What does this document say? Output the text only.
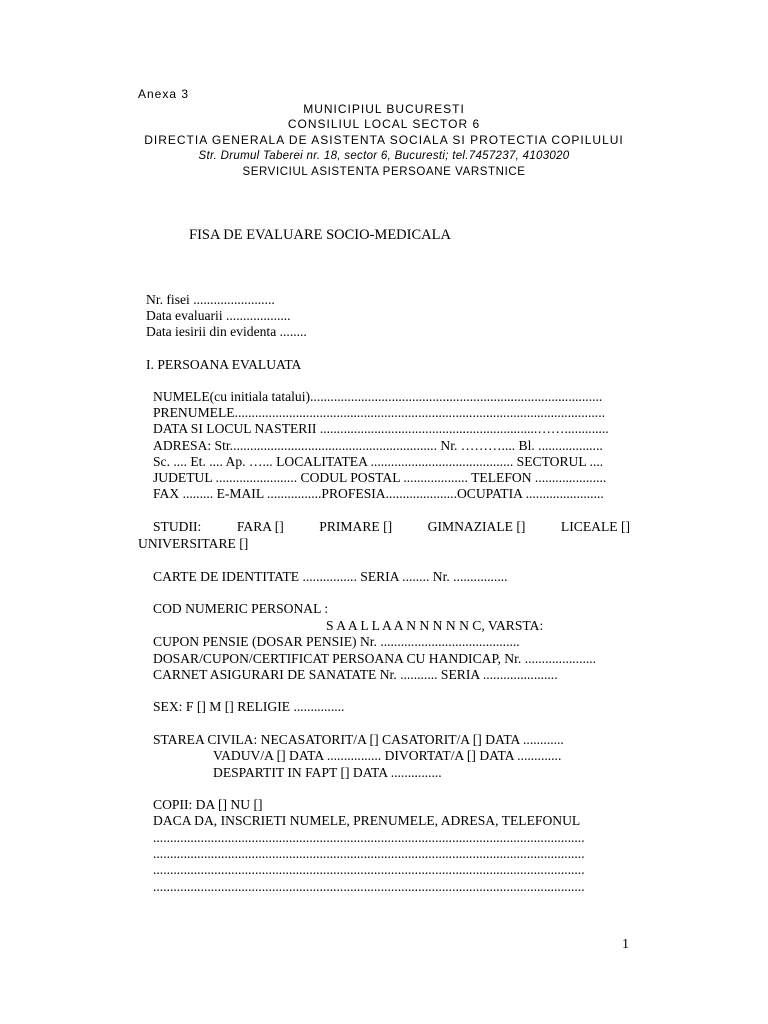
Anexa 3
MUNICIPIUL BUCURESTI
CONSILIUL LOCAL SECTOR 6
DIRECTIA GENERALA DE ASISTENTA SOCIALA SI PROTECTIA COPILULUI
Str. Drumul Taberei nr. 18, sector 6, Bucuresti; tel.7457237, 4103020
SERVICIUL ASISTENTA PERSOANE VARSTNICE
FISA DE EVALUARE SOCIO-MEDICALA
Nr. fisei ........................
Data evaluarii ...................
Data iesirii din evidenta ........
I. PERSOANA EVALUATA
NUMELE(cu initiala tatalui)......................................................................................
PRENUMELE.............................................................................................................
DATA SI LOCUL NASTERII ................................................................…….............
ADRESA: Str............................................................. Nr. ……….... Bl. ...................
Sc. .... Et. .... Ap. …... LOCALITATEA .......................................... SECTORUL ....
JUDETUL ........................ CODUL POSTAL ................... TELEFON .....................
FAX ......... E-MAIL ................PROFESIA.....................OCUPATIA .......................
STUDII:	FARA []	PRIMARE []	GIMNAZIALE []	LICEALE []
UNIVERSITARE []
CARTE DE IDENTITATE ................ SERIA ........ Nr. ................
COD NUMERIC PERSONAL :
S A A L L A A N N N N N C, VARSTA:
CUPON PENSIE (DOSAR PENSIE) Nr. .........................................
DOSAR/CUPON/CERTIFICAT PERSOANA CU HANDICAP, Nr. .....................
CARNET ASIGURARI DE SANATATE Nr. ........... SERIA ......................
SEX: F [] M [] RELIGIE ...............
STAREA CIVILA: NECASATORIT/A [] CASATORIT/A [] DATA ............
VADUV/A [] DATA ................ DIVORTAT/A [] DATA .............
DESPARTIT IN FAPT [] DATA ...............
COPII: DA [] NU []
DACA DA, INSCRIETI NUMELE, PRENUMELE, ADRESA, TELEFONUL
...............................................................................................................................
...............................................................................................................................
...............................................................................................................................
...............................................................................................................................
1
